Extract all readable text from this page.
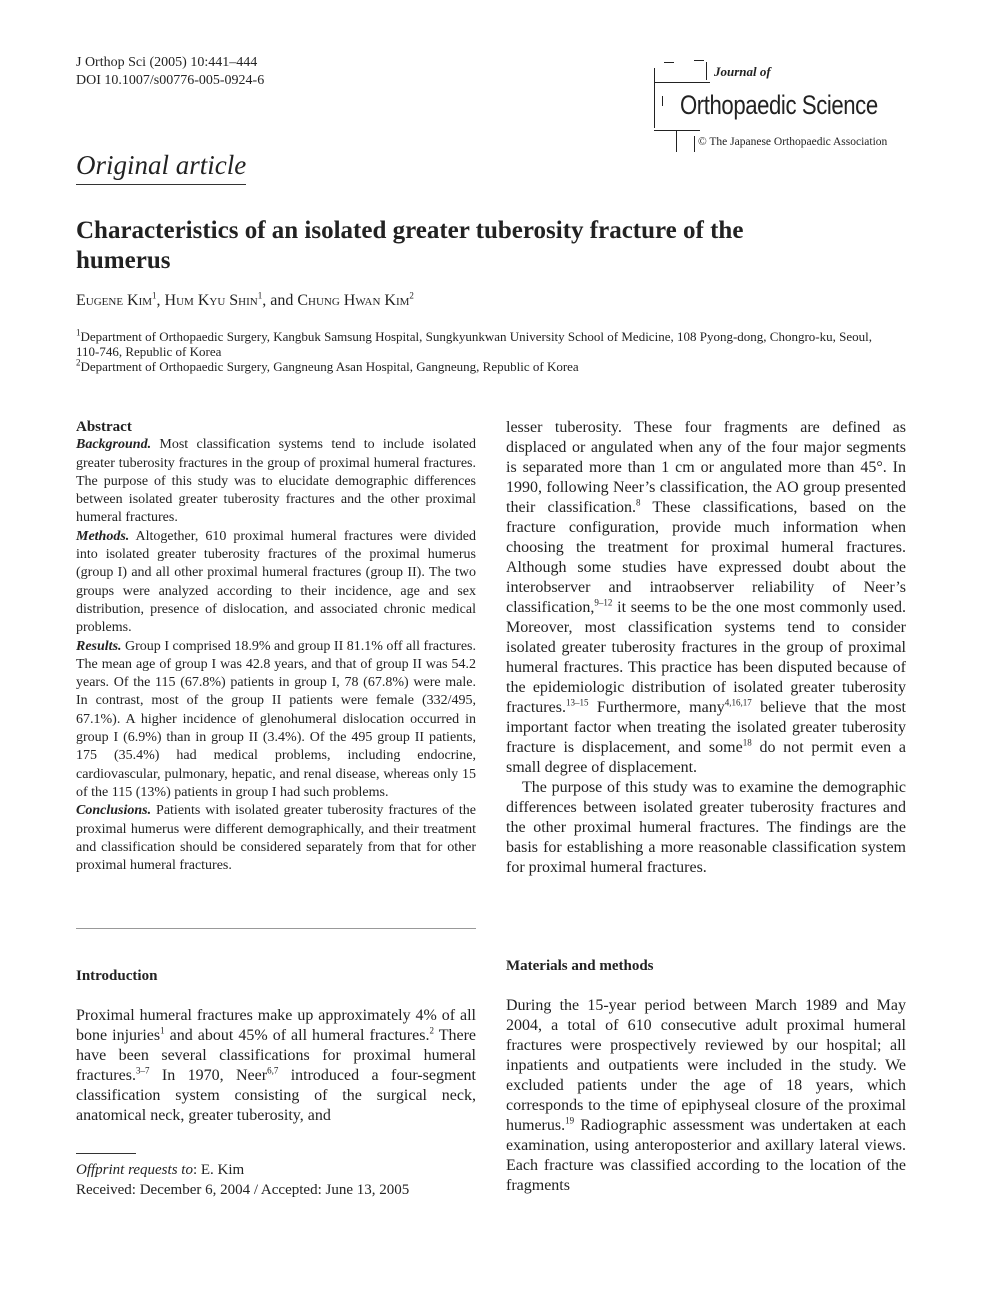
J Orthop Sci (2005) 10:441–444
DOI 10.1007/s00776-005-0924-6
Journal of
Orthopaedic Science
© The Japanese Orthopaedic Association
Original article
Characteristics of an isolated greater tuberosity fracture of the humerus
Eugene Kim$^1$, Hum Kyu Shin$^1$, and Chung Hwan Kim$^2$
$^1$Department of Orthopaedic Surgery, Kangbuk Samsung Hospital, Sungkyunkwan University School of Medicine, 108 Pyong-dong, Chongro-ku, Seoul, 110-746, Republic of Korea
$^2$Department of Orthopaedic Surgery, Gangneung Asan Hospital, Gangneung, Republic of Korea
Abstract

Background. Most classification systems tend to include isolated greater tuberosity fractures in the group of proximal humeral fractures. The purpose of this study was to elucidate demographic differences between isolated greater tuberosity fractures and the other proximal humeral fractures.

Methods. Altogether, 610 proximal humeral fractures were divided into isolated greater tuberosity fractures of the proximal humerus (group I) and all other proximal humeral fractures (group II). The two groups were analyzed according to their incidence, age and sex distribution, presence of dislocation, and associated chronic medical problems.

Results. Group I comprised 18.9% and group II 81.1% off all fractures. The mean age of group I was 42.8 years, and that of group II was 54.2 years. Of the 115 (67.8%) patients in group I, 78 (67.8%) were male. In contrast, most of the group II patients were female (332/495, 67.1%). A higher incidence of glenohumeral dislocation occurred in group I (6.9%) than in group II (3.4%). Of the 495 group II patients, 175 (35.4%) had medical problems, including endocrine, cardiovascular, pulmonary, hepatic, and renal disease, whereas only 15 of the 115 (13%) patients in group I had such problems.

Conclusions. Patients with isolated greater tuberosity fractures of the proximal humerus were different demographically, and their treatment and classification should be considered separately from that for other proximal humeral fractures.

Introduction

Proximal humeral fractures make up approximately 4% of all bone injuries$^1$ and about 45% of all humeral fractures.$^2$ There have been several classifications for proximal humeral fractures.$^{3-7}$ In 1970, Neer$^{6,7}$ introduced a four-segment classification system consisting of the surgical neck, anatomical neck, greater tuberosity, and

Offprint requests to: E. Kim
Received: December 6, 2004 / Accepted: June 13, 2005

lesser tuberosity. These four fragments are defined as displaced or angulated when any of the four major segments is separated more than 1 cm or angulated more than 45°. In 1990, following Neer’s classification, the AO group presented their classification.$^8$ These classifications, based on the fracture configuration, provide much information when choosing the treatment for proximal humeral fractures. Although some studies have expressed doubt about the interobserver and intraobserver reliability of Neer’s classification,$^{9-12}$ it seems to be the one most commonly used. Moreover, most classification systems tend to consider isolated greater tuberosity fractures in the group of proximal humeral fractures. This practice has been disputed because of the epidemiologic distribution of isolated greater tuberosity fractures.$^{13-15}$ Furthermore, many$^{4,16,17}$ believe that the most important factor when treating the isolated greater tuberosity fracture is displacement, and some$^{18}$ do not permit even a small degree of displacement.

The purpose of this study was to examine the demographic differences between isolated greater tuberosity fractures and the other proximal humeral fractures. The findings are the basis for establishing a more reasonable classification system for proximal humeral fractures.

Materials and methods

During the 15-year period between March 1989 and May 2004, a total of 610 consecutive adult proximal humeral fractures were prospectively reviewed by our hospital; all inpatients and outpatients were included in the study. We excluded patients under the age of 18 years, which corresponds to the time of epiphyseal closure of the proximal humerus.$^{19}$ Radiographic assessment was undertaken at each examination, using anteroposterior and axillary lateral views. Each fracture was classified according to the location of the fragments
